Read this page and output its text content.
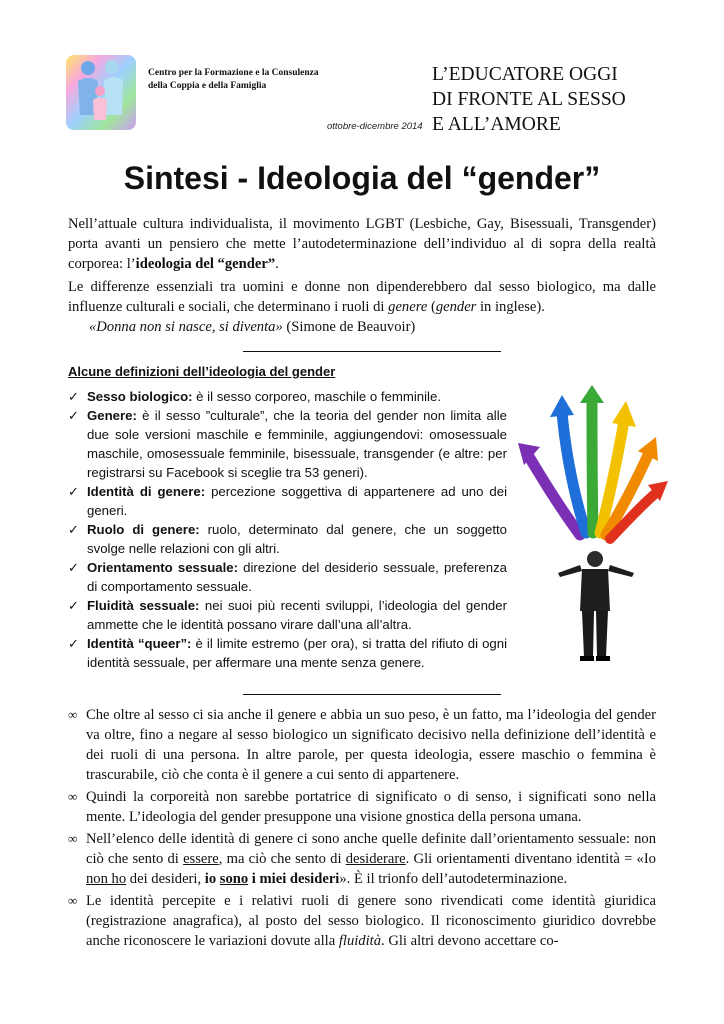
Centro per la Formazione e la Consulenza
della Coppia e della Famiglia
ottobre-dicembre 2014
L’EDUCATORE OGGI
DI FRONTE AL SESSO
E ALL’AMORE
Sintesi - Ideologia del “gender”
Nell’attuale cultura individualista, il movimento LGBT (Lesbiche, Gay, Bisessuali, Transgender) porta avanti un pensiero che mette l’autodeterminazione dell’individuo al di sopra della realtà corporea: l’ideologia del “gender”.
Le differenze essenziali tra uomini e donne non dipenderebbero dal sesso biologico, ma dalle influenze culturali e sociali, che determinano i ruoli di genere (gender in inglese).
«Donna non si nasce, si diventa» (Simone de Beauvoir)
Alcune definizioni dell’ideologia del gender
✓ Sesso biologico: è il sesso corporeo, maschile o femminile.
✓ Genere: è il sesso ”culturale”, che la teoria del gender non limita alle due sole versioni maschile e femminile, aggiungendovi: omosessuale maschile, omosessuale femminile, bisessuale, transgender (e altre: per registrarsi su Facebook si sceglie tra 53 generi).
✓ Identità di genere: percezione soggettiva di appartenere ad uno dei generi.
✓ Ruolo di genere: ruolo, determinato dal genere, che un soggetto svolge nelle relazioni con gli altri.
✓ Orientamento sessuale: direzione del desiderio sessuale, preferenza di comportamento sessuale.
✓ Fluidità sessuale: nei suoi più recenti sviluppi, l’ideologia del gender ammette che le identità possano virare dall’una all’altra.
✓ Identità “queer”: è il limite estremo (per ora), si tratta del rifiuto di ogni identità sessuale, per affermare una mente senza genere.
∞ Che oltre al sesso ci sia anche il genere e abbia un suo peso, è un fatto, ma l’ideologia del gender va oltre, fino a negare al sesso biologico un significato decisivo nella definizione dell’identità e dei ruoli di una persona. In altre parole, per questa ideologia, essere maschio o femmina è trascurabile, ciò che conta è il genere a cui sento di appartenere.
∞ Quindi la corporeità non sarebbe portatrice di significato o di senso, i significati sono nella mente. L’ideologia del gender presuppone una visione gnostica della persona umana.
∞ Nell’elenco delle identità di genere ci sono anche quelle definite dall’orientamento sessuale: non ciò che sento di essere, ma ciò che sento di desiderare. Gli orientamenti diventano identità = «Io non ho dei desideri, io sono i miei desideri». È il trionfo dell’autodeterminazione.
∞ Le identità percepite e i relativi ruoli di genere sono rivendicati come identità giuridica (registrazione anagrafica), al posto del sesso biologico. Il riconoscimento giuridico dovrebbe anche riconoscere le variazioni dovute alla fluidità. Gli altri devono accettare co-
